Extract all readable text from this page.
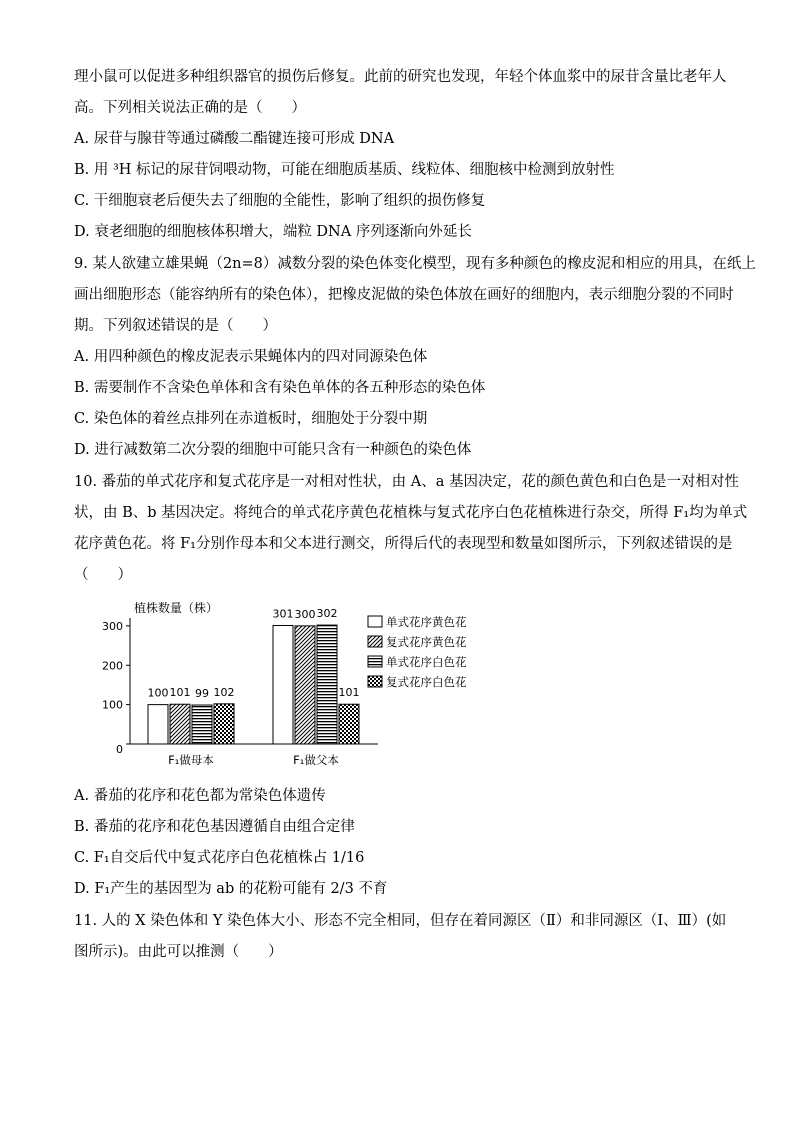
理小鼠可以促进多种组织器官的损伤后修复。此前的研究也发现，年轻个体血浆中的尿苷含量比老年人
高。下列相关说法正确的是（　　）
A. 尿苷与腺苷等通过磷酸二酯键连接可形成 DNA
B. 用 ³H 标记的尿苷饲喂动物，可能在细胞质基质、线粒体、细胞核中检测到放射性
C. 干细胞衰老后便失去了细胞的全能性，影响了组织的损伤修复
D. 衰老细胞的细胞核体积增大，端粒 DNA 序列逐渐向外延长
9. 某人欲建立雄果蝇（2n=8）减数分裂的染色体变化模型，现有多种颜色的橡皮泥和相应的用具，在纸上
画出细胞形态（能容纳所有的染色体），把橡皮泥做的染色体放在画好的细胞内，表示细胞分裂的不同时
期。下列叙述错误的是（　　）
A. 用四种颜色的橡皮泥表示果蝇体内的四对同源染色体
B. 需要制作不含染色单体和含有染色单体的各五种形态的染色体
C. 染色体的着丝点排列在赤道板时，细胞处于分裂中期
D. 进行减数第二次分裂的细胞中可能只含有一种颜色的染色体
10. 番茄的单式花序和复式花序是一对相对性状，由 A、a 基因决定，花的颜色黄色和白色是一对相对性
状，由 B、b 基因决定。将纯合的单式花序黄色花植株与复式花序白色花植株进行杂交，所得 F₁均为单式
花序黄色花。将 F₁分别作母本和父本进行测交，所得后代的表现型和数量如图所示，下列叙述错误的是
（　　）
植株数量（株）
0
100
200
300
100 101 99 102
F₁做母本
301 300 302
101
F₁做父本
单式花序黄色花
复式花序黄色花
单式花序白色花
复式花序白色花
A. 番茄的花序和花色都为常染色体遗传
B. 番茄的花序和花色基因遵循自由组合定律
C. F₁自交后代中复式花序白色花植株占 1/16
D. F₁产生的基因型为 ab 的花粉可能有 2/3 不育
11. 人的 X 染色体和 Y 染色体大小、形态不完全相同，但存在着同源区（Ⅱ）和非同源区（Ⅰ、Ⅲ）(如
图所示)。由此可以推测（　　）
